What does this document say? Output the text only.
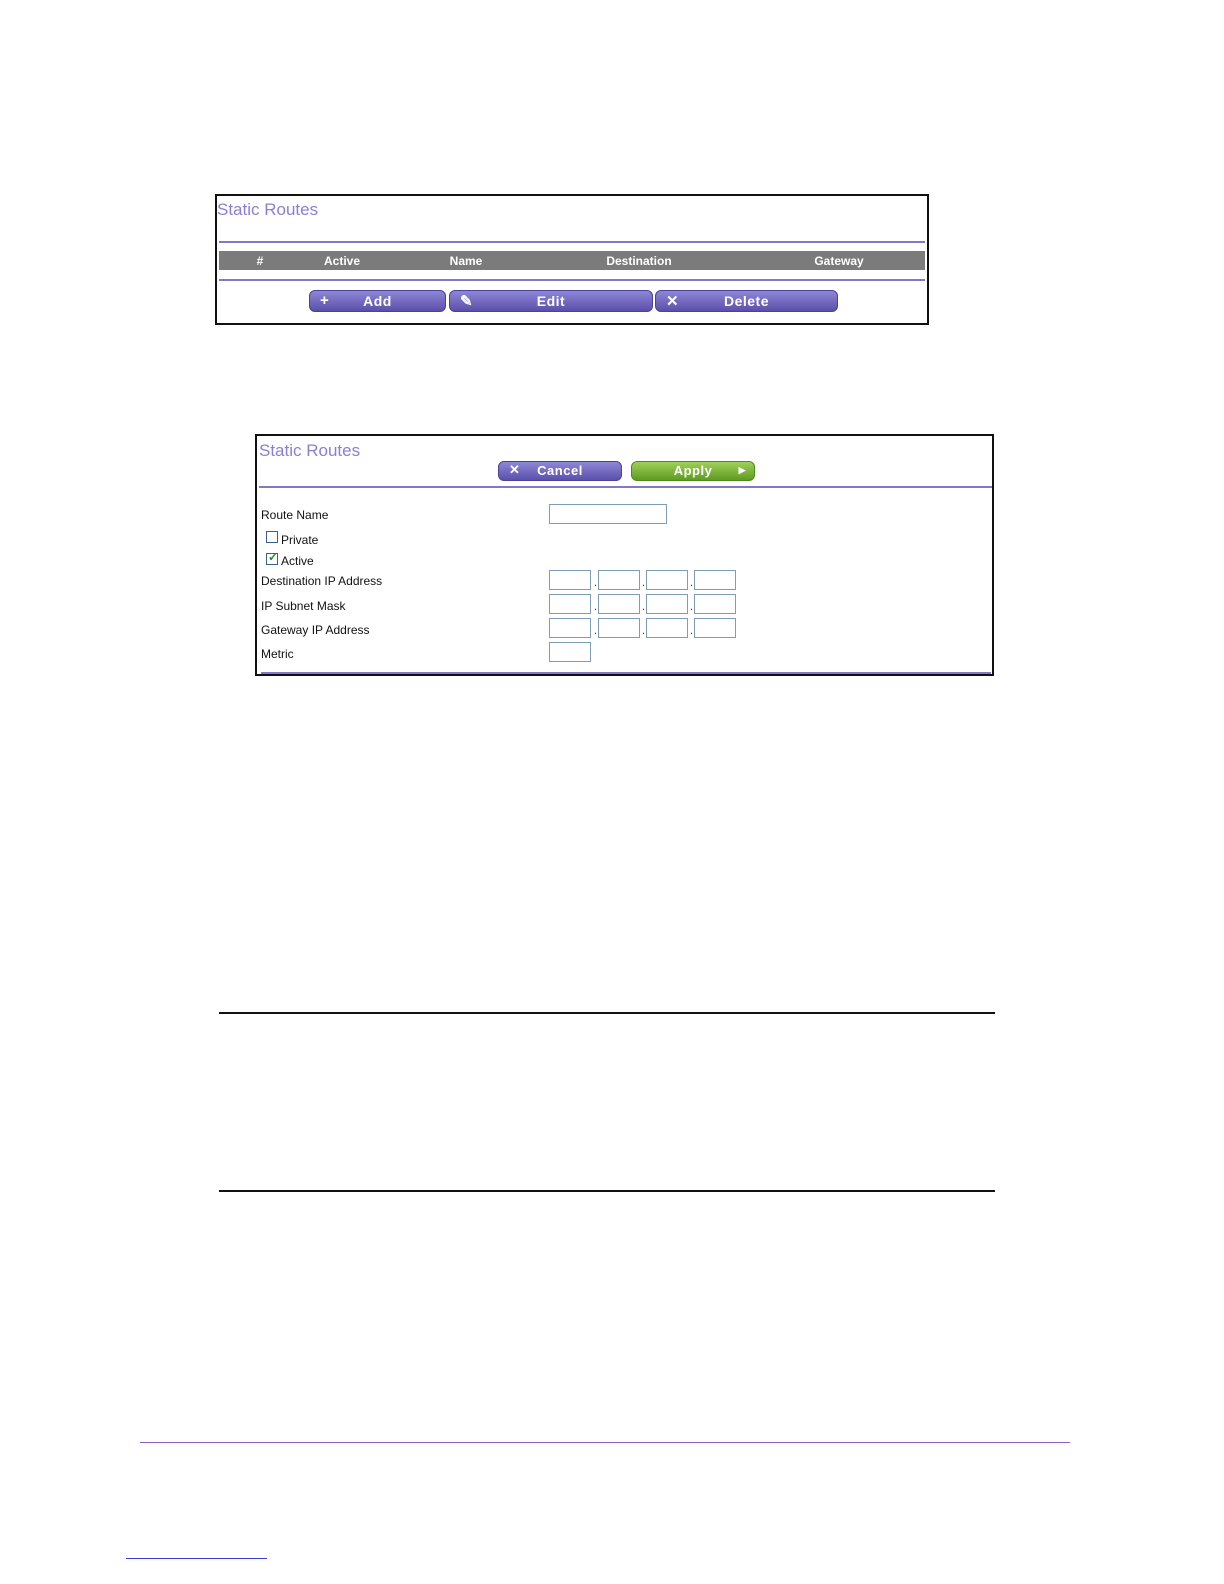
Static Routes
#	Active	Name	Destination	Gateway
+	Add	✎	Edit	✕	Delete
Static Routes
✕	Cancel	Apply	▶
Route Name
Private
✓ Active
Destination IP Address	.	.	.
IP Subnet Mask	.	.	.
Gateway IP Address	.	.	.
Metric
